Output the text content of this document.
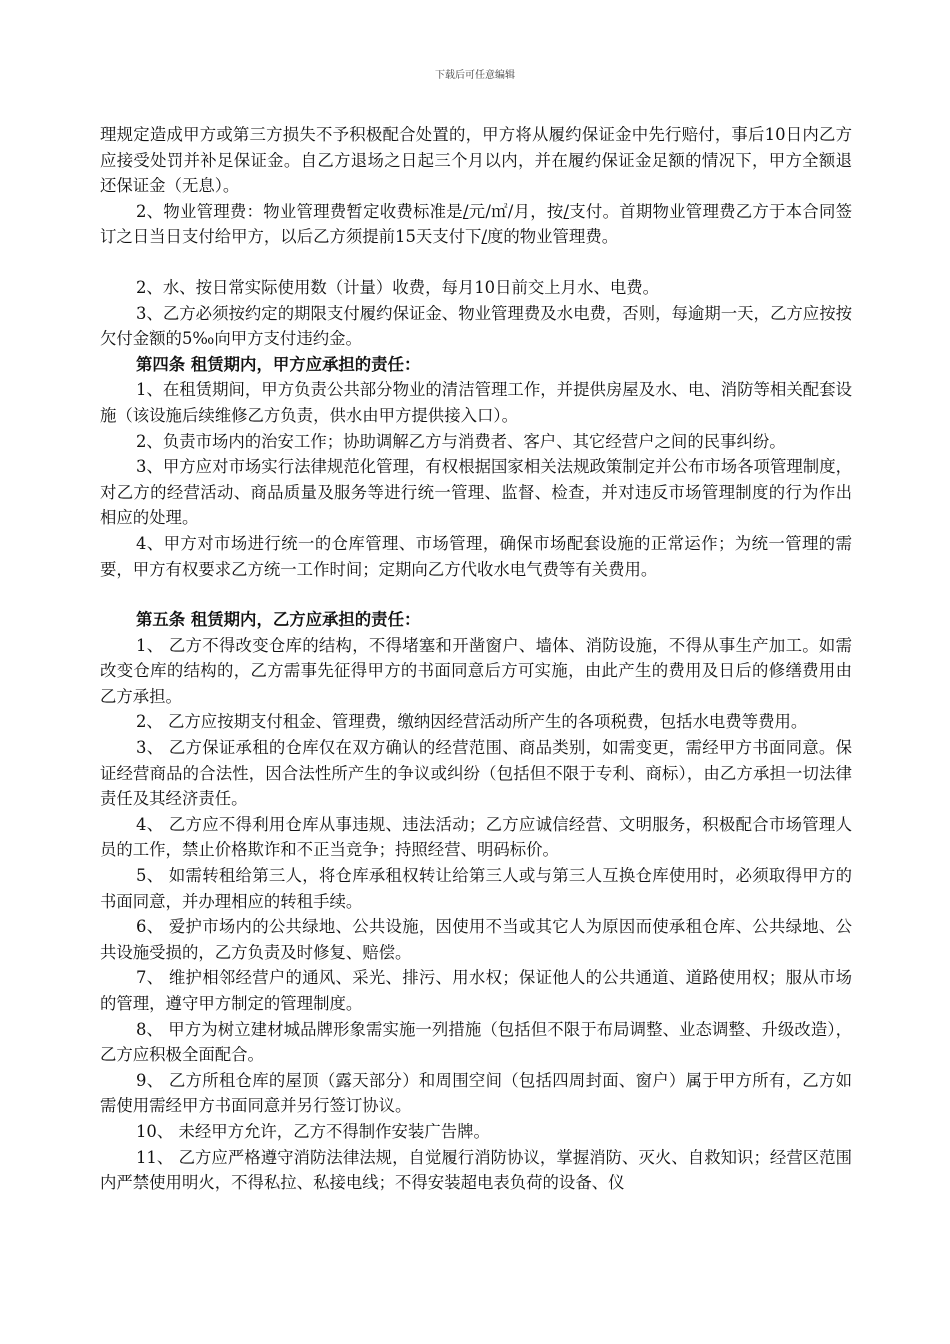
下载后可任意编辑

理规定造成甲方或第三方损失不予积极配合处置的，甲方将从履约保证金中先行赔付，事后10日内乙方应接受处罚并补足保证金。自乙方退场之日起三个月以内，并在履约保证金足额的情况下，甲方全额退还保证金（无息）。

2、物业管理费：物业管理费暂定收费标准是/元/㎡/月，按/支付。首期物业管理费乙方于本合同签订之日当日支付给甲方，以后乙方须提前15天支付下/度的物业管理费。

2、水、按日常实际使用数（计量）收费，每月10日前交上月水、电费。

3、乙方必须按约定的期限支付履约保证金、物业管理费及水电费，否则，每逾期一天，乙方应按按欠付金额的5‰向甲方支付违约金。

第四条 租赁期内，甲方应承担的责任：

1、在租赁期间，甲方负责公共部分物业的清洁管理工作，并提供房屋及水、电、消防等相关配套设施（该设施后续维修乙方负责，供水由甲方提供接入口）。

2、负责市场内的治安工作；协助调解乙方与消费者、客户、其它经营户之间的民事纠纷。

3、甲方应对市场实行法律规范化管理，有权根据国家相关法规政策制定并公布市场各项管理制度，对乙方的经营活动、商品质量及服务等进行统一管理、监督、检查，并对违反市场管理制度的行为作出相应的处理。

4、甲方对市场进行统一的仓库管理、市场管理，确保市场配套设施的正常运作；为统一管理的需要，甲方有权要求乙方统一工作时间；定期向乙方代收水电气费等有关费用。

第五条 租赁期内，乙方应承担的责任：

1、 乙方不得改变仓库的结构，不得堵塞和开凿窗户、墙体、消防设施，不得从事生产加工。如需改变仓库的结构的，乙方需事先征得甲方的书面同意后方可实施，由此产生的费用及日后的修缮费用由乙方承担。

2、 乙方应按期支付租金、管理费，缴纳因经营活动所产生的各项税费，包括水电费等费用。

3、 乙方保证承租的仓库仅在双方确认的经营范围、商品类别，如需变更，需经甲方书面同意。保证经营商品的合法性，因合法性所产生的争议或纠纷（包括但不限于专利、商标），由乙方承担一切法律责任及其经济责任。

4、 乙方应不得利用仓库从事违规、违法活动；乙方应诚信经营、文明服务，积极配合市场管理人员的工作，禁止价格欺诈和不正当竞争；持照经营、明码标价。

5、 如需转租给第三人，将仓库承租权转让给第三人或与第三人互换仓库使用时，必须取得甲方的书面同意，并办理相应的转租手续。

6、 爱护市场内的公共绿地、公共设施，因使用不当或其它人为原因而使承租仓库、公共绿地、公共设施受损的，乙方负责及时修复、赔偿。

7、 维护相邻经营户的通风、采光、排污、用水权；保证他人的公共通道、道路使用权；服从市场的管理，遵守甲方制定的管理制度。

8、 甲方为树立建材城品牌形象需实施一列措施（包括但不限于布局调整、业态调整、升级改造），乙方应积极全面配合。

9、 乙方所租仓库的屋顶（露天部分）和周围空间（包括四周封面、窗户）属于甲方所有，乙方如需使用需经甲方书面同意并另行签订协议。

10、 未经甲方允许，乙方不得制作安装广告牌。

11、 乙方应严格遵守消防法律法规，自觉履行消防协议，掌握消防、灭火、自救知识；经营区范围内严禁使用明火，不得私拉、私接电线；不得安装超电表负荷的设备、仪
